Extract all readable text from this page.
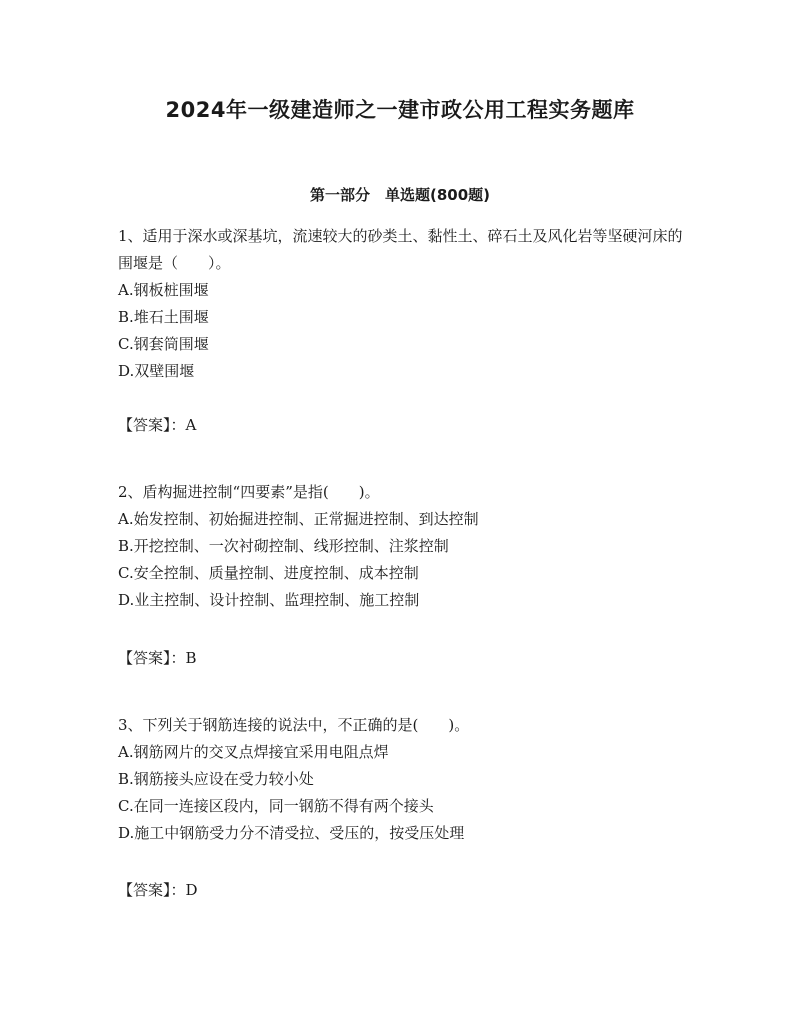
2024年一级建造师之一建市政公用工程实务题库
第一部分　单选题(800题)

1、适用于深水或深基坑，流速较大的砂类土、黏性土、碎石土及风化岩等坚硬河床的围堰是（　　）。

A.钢板桩围堰

B.堆石土围堰

C.钢套筒围堰

D.双壁围堰

【答案】：A

2、盾构掘进控制“四要素”是指(　　)。

A.始发控制、初始掘进控制、正常掘进控制、到达控制

B.开挖控制、一次衬砌控制、线形控制、注浆控制

C.安全控制、质量控制、进度控制、成本控制

D.业主控制、设计控制、监理控制、施工控制

【答案】：B

3、下列关于钢筋连接的说法中，不正确的是(　　)。

A.钢筋网片的交叉点焊接宜采用电阻点焊

B.钢筋接头应设在受力较小处

C.在同一连接区段内，同一钢筋不得有两个接头

D.施工中钢筋受力分不清受拉、受压的，按受压处理

【答案】：D
